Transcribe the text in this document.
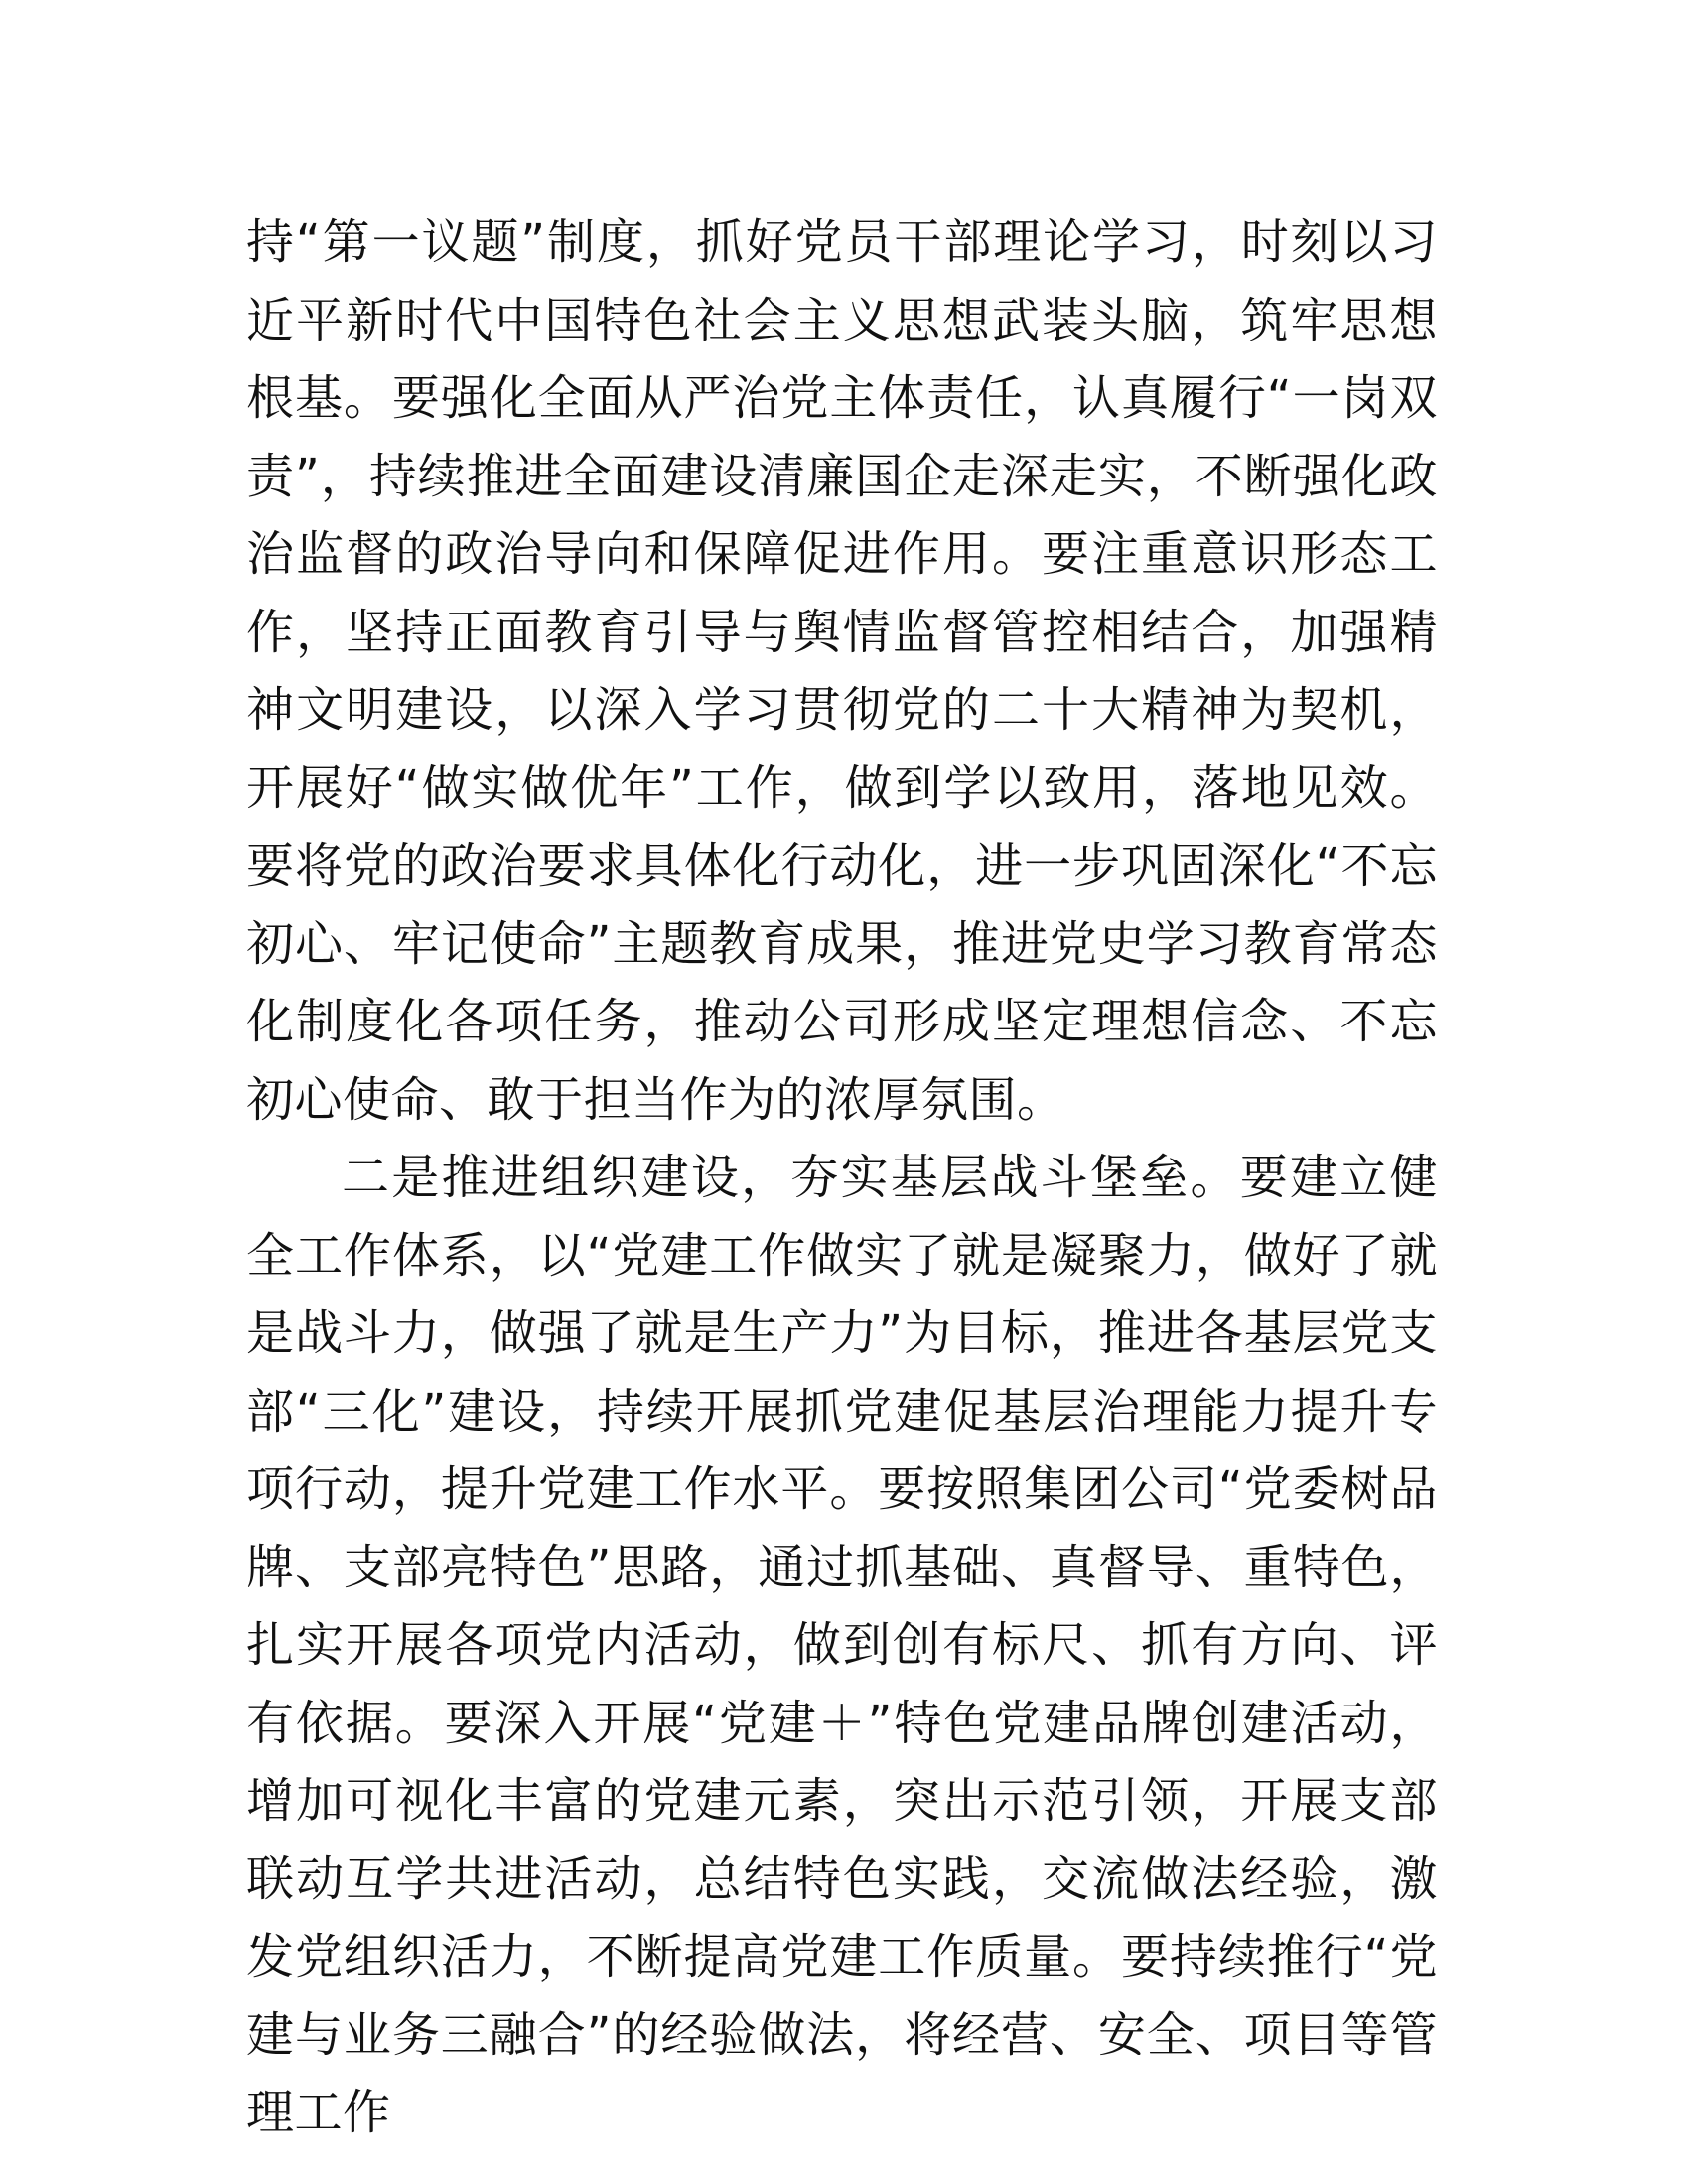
持“第一议题”制度，抓好党员干部理论学习，时刻以习近平新时代中国特色社会主义思想武装头脑，筑牢思想根基。要强化全面从严治党主体责任，认真履行“一岗双责”，持续推进全面建设清廉国企走深走实，不断强化政治监督的政治导向和保障促进作用。要注重意识形态工作，坚持正面教育引导与舆情监督管控相结合，加强精神文明建设，以深入学习贯彻党的二十大精神为契机，开展好“做实做优年”工作，做到学以致用，落地见效。要将党的政治要求具体化行动化，进一步巩固深化“不忘初心、牢记使命”主题教育成果，推进党史学习教育常态化制度化各项任务，推动公司形成坚定理想信念、不忘初心使命、敢于担当作为的浓厚氛围。

二是推进组织建设，夯实基层战斗堡垒。要建立健全工作体系，以“党建工作做实了就是凝聚力，做好了就是战斗力，做强了就是生产力”为目标，推进各基层党支部“三化”建设，持续开展抓党建促基层治理能力提升专项行动，提升党建工作水平。要按照集团公司“党委树品牌、支部亮特色”思路，通过抓基础、真督导、重特色，扎实开展各项党内活动，做到创有标尺、抓有方向、评有依据。要深入开展“党建＋”特色党建品牌创建活动，增加可视化丰富的党建元素，突出示范引领，开展支部联动互学共进活动，总结特色实践，交流做法经验，激发党组织活力，不断提高党建工作质量。要持续推行“党建与业务三融合”的经验做法，将经营、安全、项目等管理工作
